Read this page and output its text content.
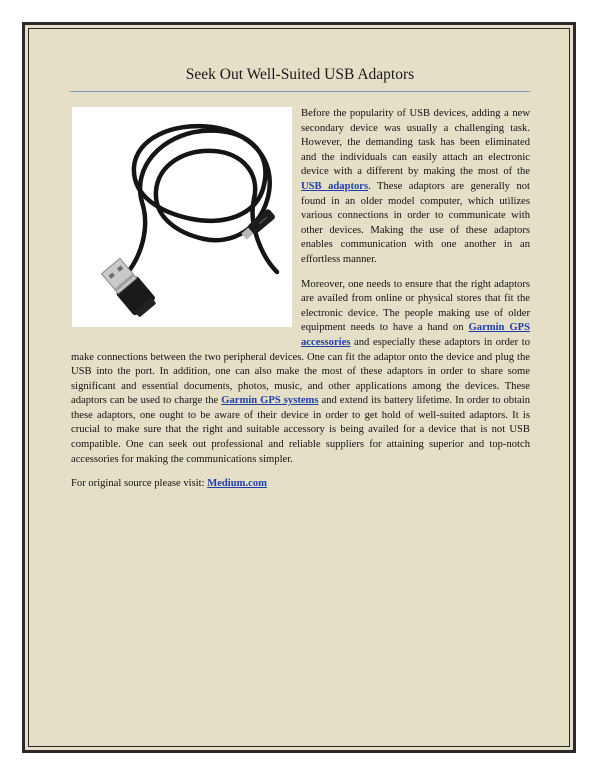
Seek Out Well-Suited USB Adaptors

Before the popularity of USB devices, adding a new secondary device was usually a challenging task. However, the demanding task has been eliminated and the individuals can easily attach an electronic device with a different by making the most of the USB adaptors. These adaptors are generally not found in an older model computer, which utilizes various connections in order to communicate with other devices. Making the use of these adaptors enables communication with one another in an effortless manner.

Moreover, one needs to ensure that the right adaptors are availed from online or physical stores that fit the electronic device. The people making use of older equipment needs to have a hand on Garmin GPS accessories and especially these adaptors in order to make connections between the two peripheral devices. One can fit the adaptor onto the device and plug the USB into the port. In addition, one can also make the most of these adaptors in order to share some significant and essential documents, photos, music, and other applications among the devices. These adaptors can be used to charge the Garmin GPS systems and extend its battery lifetime. In order to obtain these adaptors, one ought to be aware of their device in order to get hold of well-suited adaptors. It is crucial to make sure that the right and suitable accessory is being availed for a device that is not USB compatible. One can seek out professional and reliable suppliers for attaining superior and top-notch accessories for making the communications simpler.

For original source please visit: Medium.com
